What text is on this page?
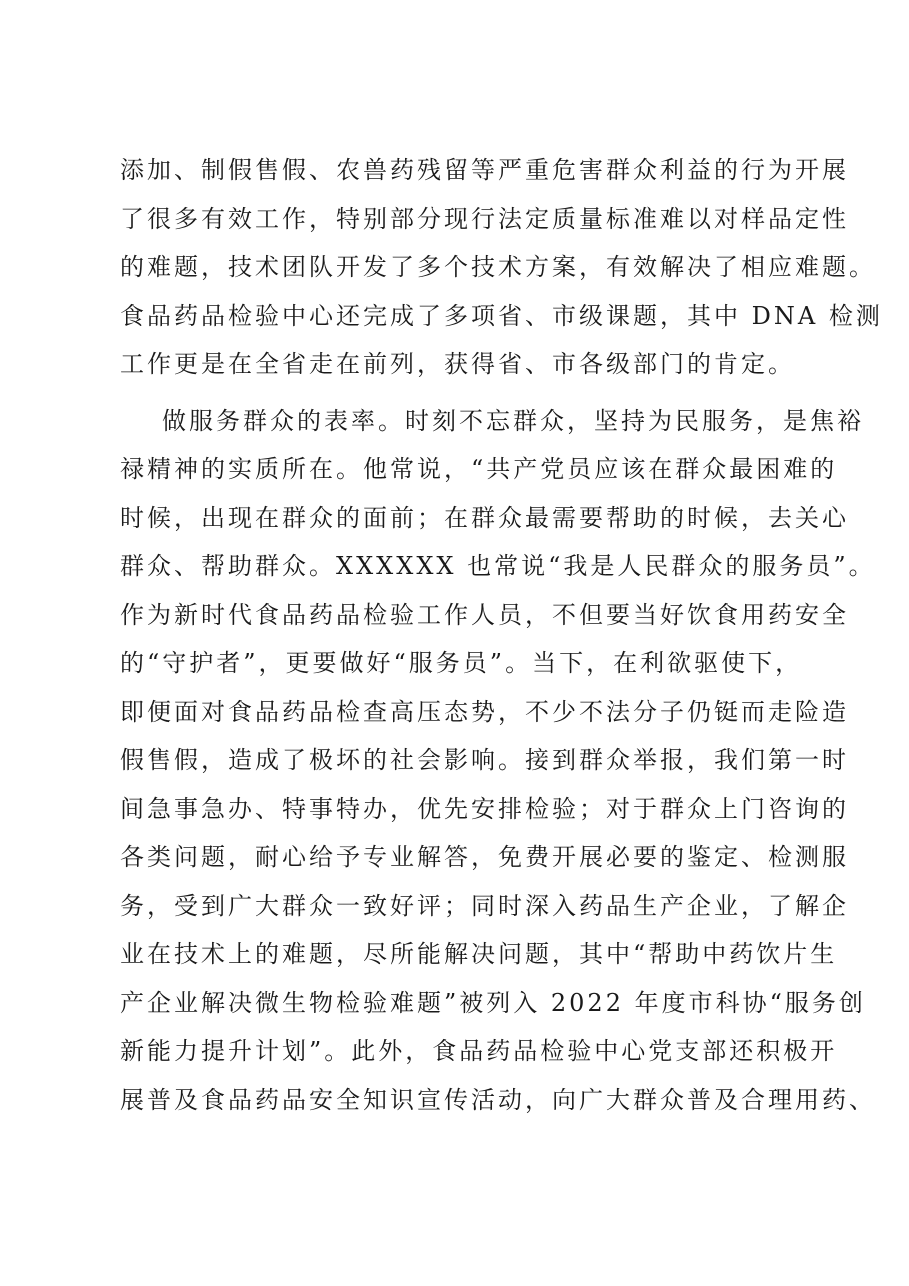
添加、制假售假、农兽药残留等严重危害群众利益的行为开展
了很多有效工作，特别部分现行法定质量标准难以对样品定性
的难题，技术团队开发了多个技术方案，有效解决了相应难题。
食品药品检验中心还完成了多项省、市级课题，其中 DNA 检测
工作更是在全省走在前列，获得省、市各级部门的肯定。
做服务群众的表率。时刻不忘群众，坚持为民服务，是焦裕
禄精神的实质所在。他常说，“共产党员应该在群众最困难的
时候，出现在群众的面前；在群众最需要帮助的时候，去关心
群众、帮助群众。XXXXXX 也常说“我是人民群众的服务员”。
作为新时代食品药品检验工作人员，不但要当好饮食用药安全
的“守护者”，更要做好“服务员”。当下，在利欲驱使下，
即便面对食品药品检查高压态势，不少不法分子仍铤而走险造
假售假，造成了极坏的社会影响。接到群众举报，我们第一时
间急事急办、特事特办，优先安排检验；对于群众上门咨询的
各类问题，耐心给予专业解答，免费开展必要的鉴定、检测服
务，受到广大群众一致好评；同时深入药品生产企业，了解企
业在技术上的难题，尽所能解决问题，其中“帮助中药饮片生
产企业解决微生物检验难题”被列入 2022 年度市科协“服务创
新能力提升计划”。此外，食品药品检验中心党支部还积极开
展普及食品药品安全知识宣传活动，向广大群众普及合理用药、
